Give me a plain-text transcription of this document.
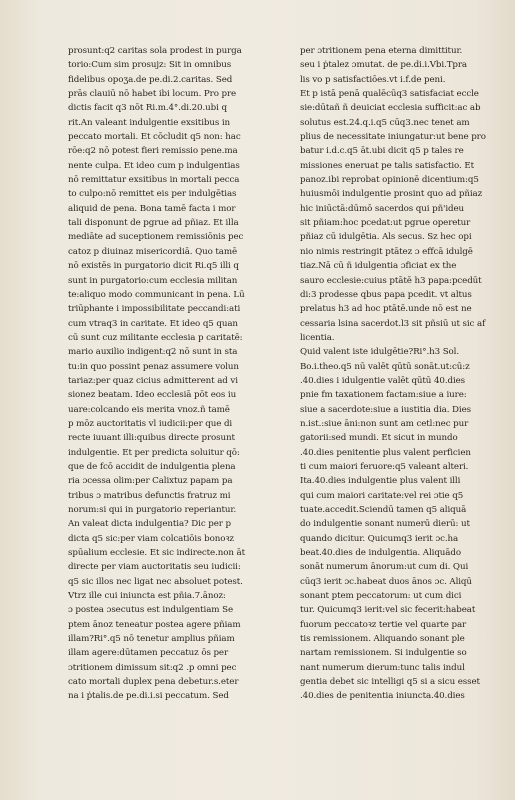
prosunt:q2 caritas sola prodest in purga
torio:Cum sim prosujz: Sit in omnibus
fidelibus opoʒa.de pe.di.2.caritas. Sed
prās clauiū nō habet ibi locum. Pro pre
dictis facit q3 nōt Ri.m.4°.di.20.ubi q
rit.An valeant indulgentie exsitibus in
peccato mortali. Et cōcludit q5 non: hac
rōe:q2 nō potest fieri remissio pene.ma
nente culpa. Et ideo cum p indulgentias
nō remittatur exsitibus in mortali pecca
to culpo:nō remittet eis per indulgētias
aliquid de pena. Bona tamē facta i mor
tali disponunt de pgrue ad pñiaz. Et illa
mediāte ad suceptionem remissiōnis pec
catoz p diuinaz misericordiā. Quo tamē
nō existēs in purgatorio dicit Ri.q5 illi q
sunt in purgatorio:cum ecclesia militan
te:aliquo modo communicant in pena. Lū
triūphante i impossibilitate peccandi:ati
cum vtraq3 in caritate. Et ideo q5 quan
cū sunt cuz militante ecclesia p caritatē:
mario auxilio indigent:q2 nō sunt in sta
tu:in quo possint penaz assumere volun
tariaz:per quaz cicius admitterent ad vi
sionez beatam. Ideo ecclesiā pōt eos iu
uare:colcando eis merita vnoz.ñ tamē
p mōz auctoritatis vl iudicii:per que di
recte iuuant illi:quibus directe prosunt
indulgentie. Et per predicta soluitur qō:
que de fcō accidit de indulgentia plena
ria ɔcessa olim:per Calixtuz papam pa
tribus ɔ matribus defunctis fratruz mi
norum:si qui in purgatorio reperiantur.
An valeat dicta indulgentia? Dic per p
dicta q5 sic:per viam colcatiōis bonoꝛz
spūalium ecclesie. Et sic indirecte.non āt
directe per viam auctoritatis seu iudicii:
q5 sic illos nec ligat nec absoluet potest.
Vtrz ille cui iniuncta est pñia.7.ānoz:
ɔ postea ɔsecutus est indulgentiam Se
ptem ānoz teneatur postea agere pñiam
illam?Ri°.q5 nō tenetur amplius pñiam
illam agere:dūtamen peccatuz ōs per
ɔtritionem dimissum sit:q2 .p omni pec
cato mortali duplex pena debetur.s.eter
na i ṗtalis.de pe.di.i.si peccatum. Sed
per ɔtritionem pena eterna dimittitur.
seu i ṗtalez ɔmutat. de pe.di.i.Vbi.Tpra
lis vo p satisfactiōes.vt i.f.de peni.
Et p istā penā qualēcūq3 satisfaciat eccle
sie:dūtañ ñ deuiciat ecclesia sufficit:ac ab
solutus est.24.q.i.q5 cūq3.nec tenet am
plius de necessitate iniungatur:ut bene pro
batur i.d.c.q5 āt.ubi dicit q5 p tales re
missiones eneruat pe talis satisfactio. Et
panoz.ibi reprobat opinionē dicentium:q5
huiusmōi indulgentie prosint quo ad pñiaz
hic iniūctā:dūmō sacerdos qui pñ'ideu
sit pñiam:hoc pcedat:ut pgrue operetur
pñiaz cū idulgētia. Als secus. Sz hec opi
nio nimis restringit ptātez ɔ effcā idulgē
tiaz.Nā cū ñ idulgentia ɔficiat ex the
sauro ecclesie:cuius ptātē h3 papa:pcedūt
di:3 prodesse qbus papa pcedit. vt altus
prelatus h3 ad hoc ptātē.unde nō est ne
cessaria lsina sacerdot.l3 sit pñsiū ut sic af
licentia.
Quid valent iste idulgētie?Ri°.h3 Sol.
Bo.i.theo.q5 nū valēt qūtū sonāt.ut:cū:z
.40.dies i idulgentie valēt qūtū 40.dies
pnie fm taxationem factam:siue a iure:
siue a sacerdote:siue a iustitia dia. Dies
n.ist.:siue āni:non sunt am cetl:nec pur
gatorii:sed mundi. Et sicut in mundo
.40.dies penitentie plus valent perficien
ti cum maiori feruore:q5 valeant alteri.
Ita.40.dies indulgentie plus valent illi
qui cum maiori caritate:vel rei ɔtie q5
tuate.accedit.Sciendū tamen q5 aliquā
do indulgentie sonant numerū dierū: ut
quando dicitur. Quicumq3 ierit ɔc.ha
beat.40.dies de indulgentia. Aliquādo
sonāt numerum ānorum:ut cum di. Qui
cūq3 ierit ɔc.habeat duos ānos ɔc. Aliqū
sonant ptem peccatorum: ut cum dici
tur. Quicumq3 ierit:vel sic fecerit:habeat
fuorum peccatoꝛz tertie vel quarte par
tis remissionem. Aliquando sonant ple
nartam remissionem. Si indulgentie so
nant numerum dierum:tunc talis indul
gentia debet sic intelligi q5 si a sicu esset
.40.dies de penitentia iniuncta.40.dies
